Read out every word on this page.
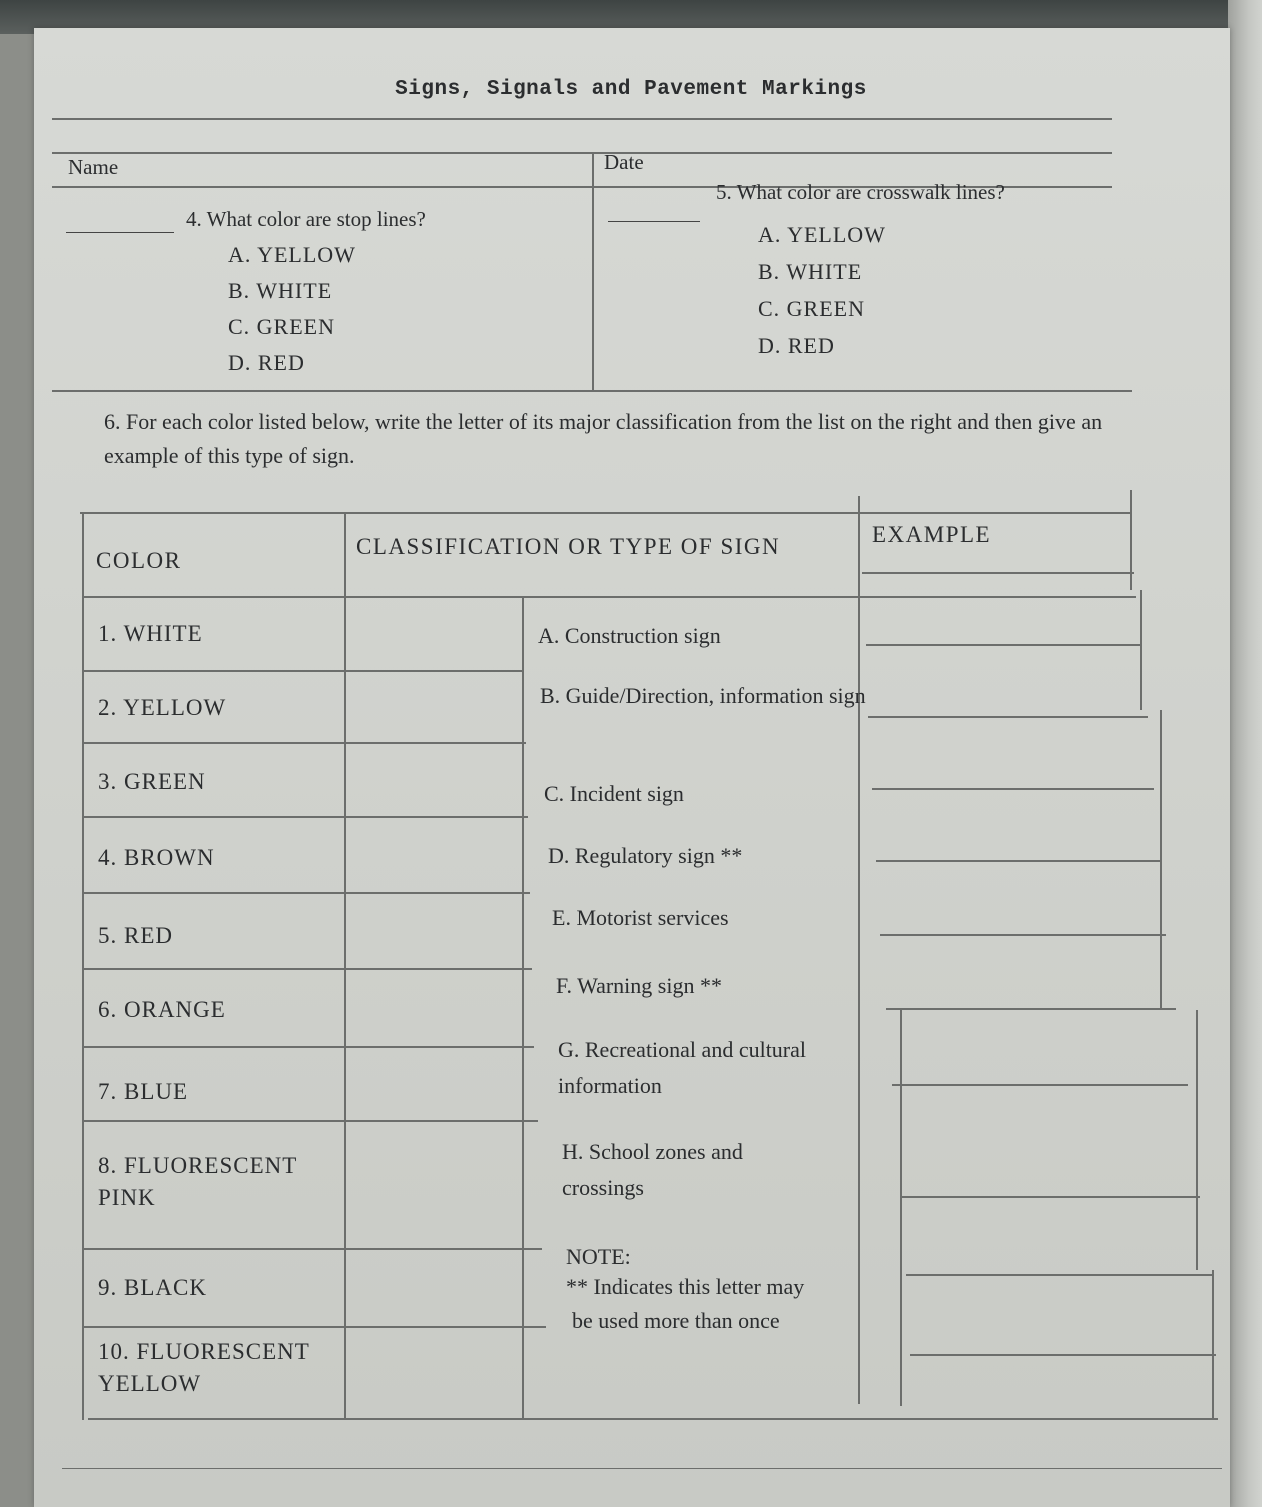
Signs, Signals and Pavement Markings
Name	Date
4. What color are stop lines?
A. YELLOW
B. WHITE
C. GREEN
D. RED
5. What color are crosswalk lines?
A. YELLOW
B. WHITE
C. GREEN
D. RED
6. For each color listed below, write the letter of its major classification from the list on the right and then give an example of this type of sign.
COLOR
CLASSIFICATION OR TYPE OF SIGN	EXAMPLE
1. WHITE
2. YELLOW
3. GREEN
4. BROWN
5. RED
6. ORANGE
7. BLUE
8. FLUORESCENT PINK
9. BLACK
10. FLUORESCENT YELLOW
A. Construction sign
B. Guide/Direction, information sign
C. Incident sign
D. Regulatory sign **
E. Motorist services
F. Warning sign **
G. Recreational and cultural information
H. School zones and crossings
NOTE:
** Indicates this letter may
be used more than once
